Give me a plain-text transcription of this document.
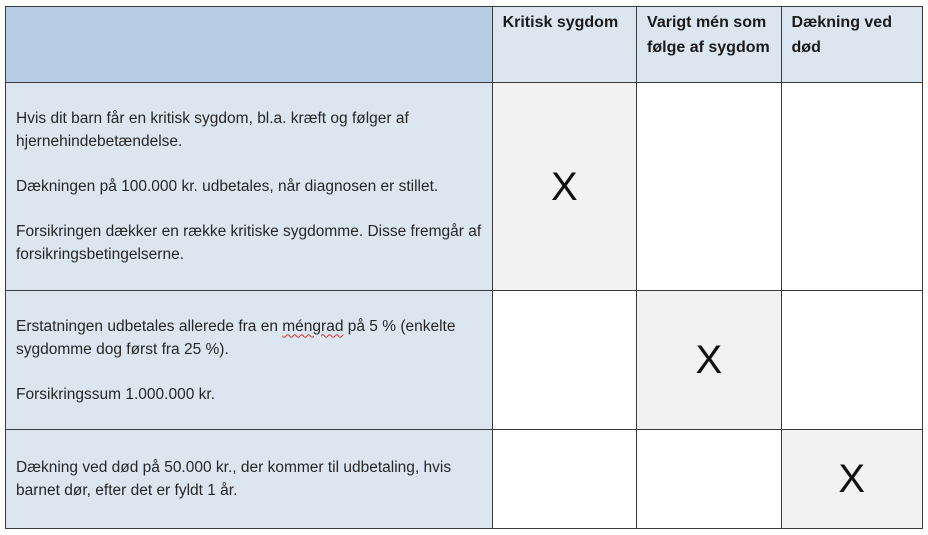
	Kritisk sygdom	Varigt mén som følge af sygdom	Dækning ved død

Hvis dit barn får en kritisk sygdom, bl.a. kræft og følger af hjernehindebetændelse.

Dækningen på 100.000 kr. udbetales, når diagnosen er stillet.

Forsikringen dækker en række kritiske sygdomme. Disse fremgår af forsikringsbetingelserne.	X		

Erstatningen udbetales allerede fra en méngrad på 5 % (enkelte sygdomme dog først fra 25 %).

Forsikringssum 1.000.000 kr.		X	

Dækning ved død på 50.000 kr., der kommer til udbetaling, hvis barnet dør, efter det er fyldt 1 år.			X
